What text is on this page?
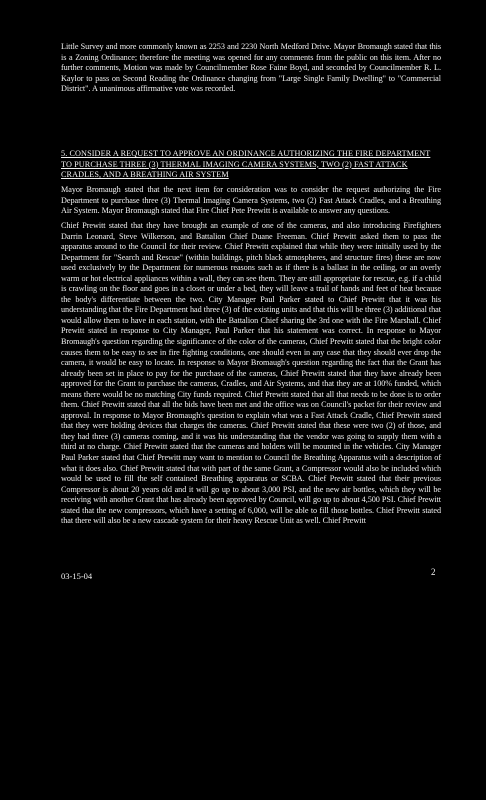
Little Survey and more commonly known as 2253 and 2230 North Medford Drive. Mayor Bromaugh stated that this is a Zoning Ordinance; therefore the meeting was opened for any comments from the public on this item. After no further comments, Motion was made by Councilmember Rose Faine Boyd, and seconded by Councilmember R. L. Kaylor to pass on Second Reading the Ordinance changing from "Large Single Family Dwelling" to "Commercial District". A unanimous affirmative vote was recorded.

5. CONSIDER A REQUEST TO APPROVE AN ORDINANCE AUTHORIZING THE FIRE DEPARTMENT TO PURCHASE THREE (3) THERMAL IMAGING CAMERA SYSTEMS, TWO (2) FAST ATTACK CRADLES, AND A BREATHING AIR SYSTEM

Mayor Bromaugh stated that the next item for consideration was to consider the request authorizing the Fire Department to purchase three (3) Thermal Imaging Camera Systems, two (2) Fast Attack Cradles, and a Breathing Air System. Mayor Bromaugh stated that Fire Chief Pete Prewitt is available to answer any questions.

Chief Prewitt stated that they have brought an example of one of the cameras, and also introducing Firefighters Darrin Leonard, Steve Wilkerson, and Battalion Chief Duane Freeman. Chief Prewitt asked them to pass the apparatus around to the Council for their review. Chief Prewitt explained that while they were initially used by the Department for "Search and Rescue" (within buildings, pitch black atmospheres, and structure fires) these are now used exclusively by the Department for numerous reasons such as if there is a ballast in the ceiling, or an overly warm or hot electrical appliances within a wall, they can see them. They are still appropriate for rescue, e.g. if a child is crawling on the floor and goes in a closet or under a bed, they will leave a trail of hands and feet of heat because the body's differentiate between the two. City Manager Paul Parker stated to Chief Prewitt that it was his understanding that the Fire Department had three (3) of the existing units and that this will be three (3) additional that would allow them to have in each station, with the Battalion Chief sharing the 3rd one with the Fire Marshall. Chief Prewitt stated in response to City Manager, Paul Parker that his statement was correct. In response to Mayor Bromaugh's question regarding the significance of the color of the cameras, Chief Prewitt stated that the bright color causes them to be easy to see in fire fighting conditions, one should even in any case that they should ever drop the camera, it would be easy to locate. In response to Mayor Bromaugh's question regarding the fact that the Grant has already been set in place to pay for the purchase of the cameras, Chief Prewitt stated that they have already been approved for the Grant to purchase the cameras, Cradles, and Air Systems, and that they are at 100% funded, which means there would be no matching City funds required. Chief Prewitt stated that all that needs to be done is to order them. Chief Prewitt stated that all the bids have been met and the office was on Council's packet for their review and approval. In response to Mayor Bromaugh's question to explain what was a Fast Attack Cradle, Chief Prewitt stated that they were holding devices that charges the cameras. Chief Prewitt stated that these were two (2) of those, and they had three (3) cameras coming, and it was his understanding that the vendor was going to supply them with a third at no charge. Chief Prewitt stated that the cameras and holders will be mounted in the vehicles. City Manager Paul Parker stated that Chief Prewitt may want to mention to Council the Breathing Apparatus with a description of what it does also. Chief Prewitt stated that with part of the same Grant, a Compressor would also be included which would be used to fill the self contained Breathing apparatus or SCBA. Chief Prewitt stated that their previous Compressor is about 20 years old and it will go up to about 3,000 PSI, and the new air bottles, which they will be receiving with another Grant that has already been approved by Council, will go up to about 4,500 PSI. Chief Prewitt stated that the new compressors, which have a setting of 6,000, will be able to fill those bottles. Chief Prewitt stated that there will also be a new cascade system for their heavy Rescue Unit as well. Chief Prewitt

03-15-04	2
